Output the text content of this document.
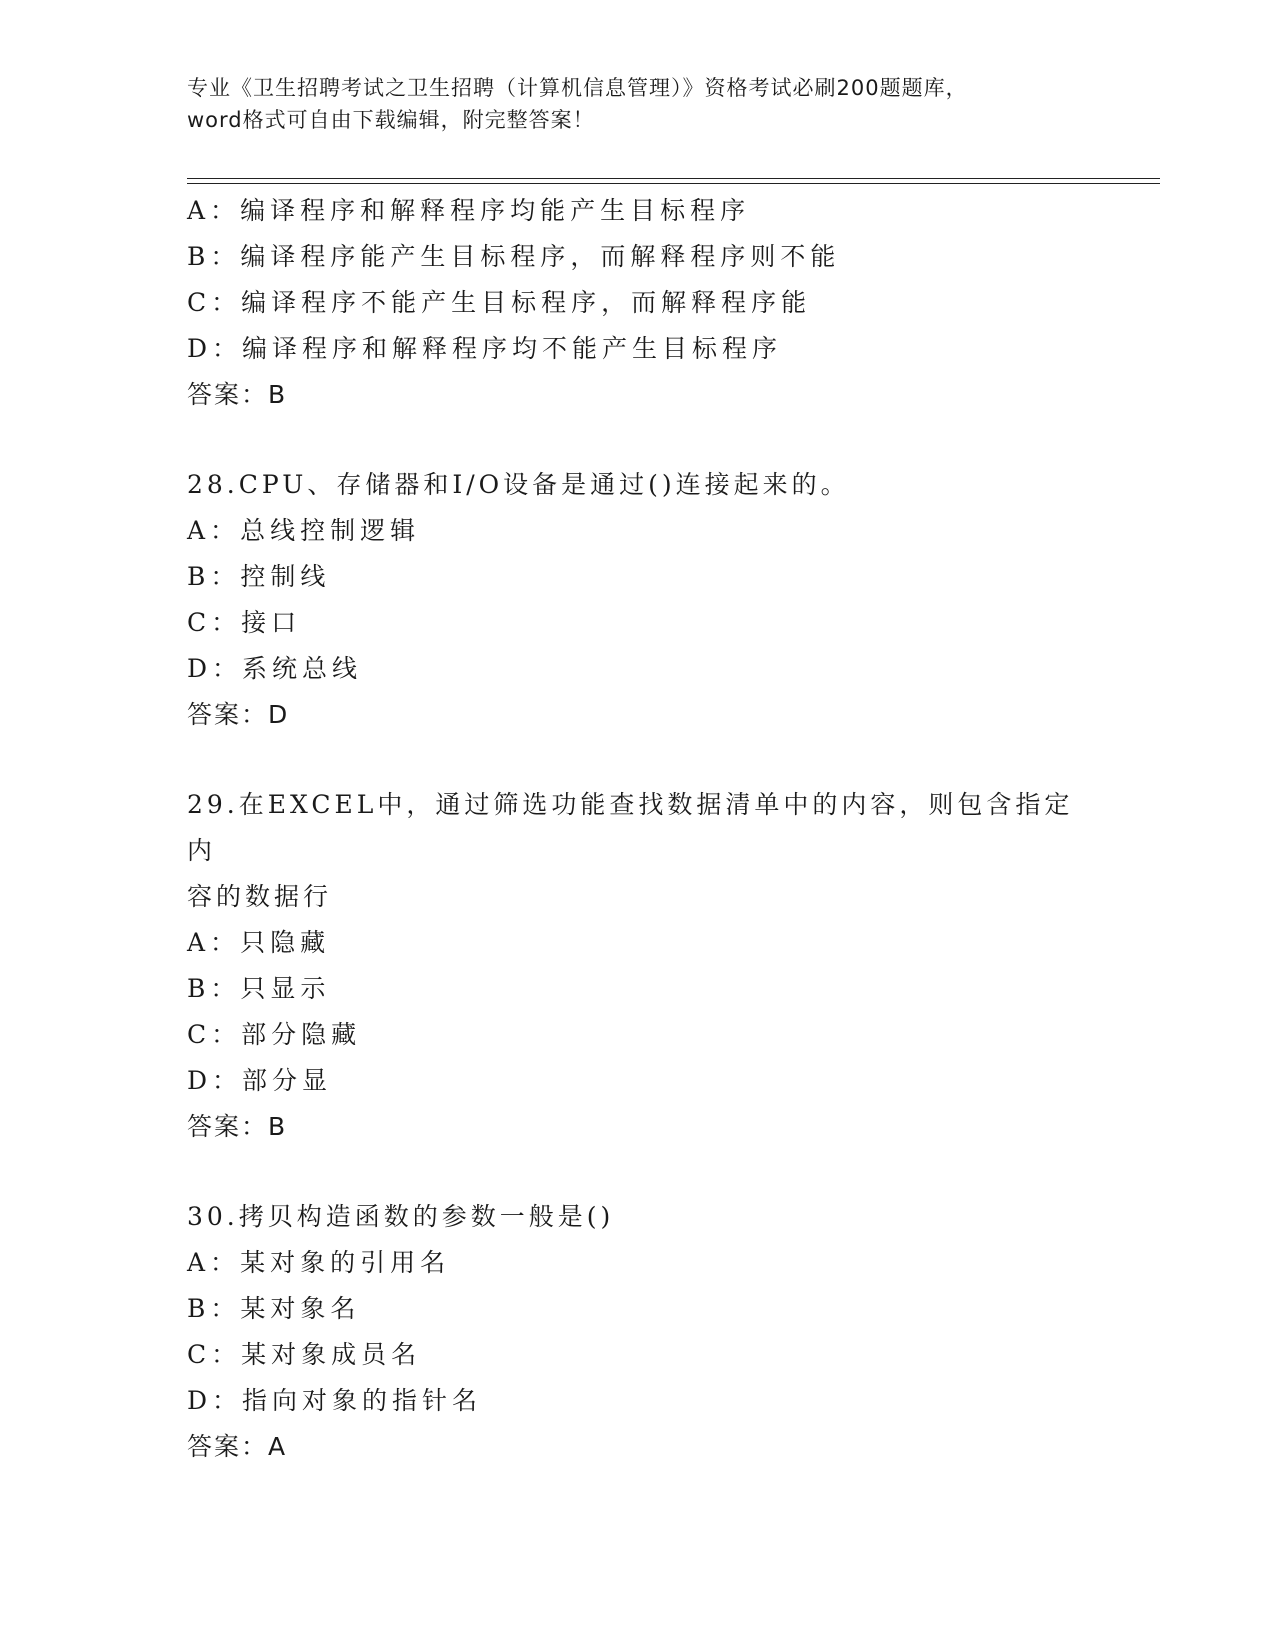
专业《卫生招聘考试之卫生招聘（计算机信息管理）》资格考试必刷200题题库，
word格式可自由下载编辑，附完整答案！
A：编译程序和解释程序均能产生目标程序
B：编译程序能产生目标程序，而解释程序则不能
C：编译程序不能产生目标程序，而解释程序能
D：编译程序和解释程序均不能产生目标程序
答案：B
28.CPU、存储器和I/O设备是通过()连接起来的。
A：总线控制逻辑
B：控制线
C：接口
D：系统总线
答案：D
29.在EXCEL中，通过筛选功能查找数据清单中的内容，则包含指定内
容的数据行
A：只隐藏
B：只显示
C：部分隐藏
D：部分显
答案：B
30.拷贝构造函数的参数一般是()
A：某对象的引用名
B：某对象名
C：某对象成员名
D：指向对象的指针名
答案：A
